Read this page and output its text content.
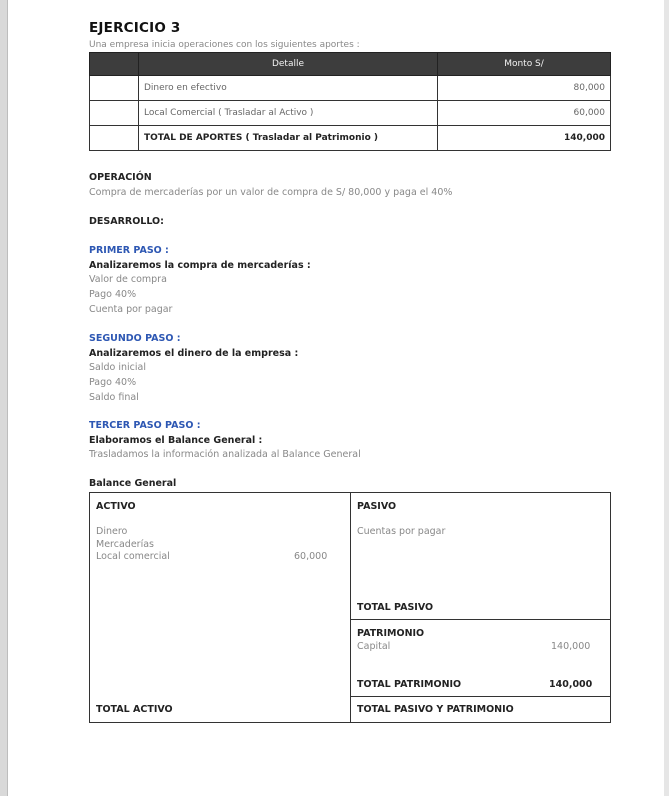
EJERCICIO 3
Una empresa inicia operaciones con los siguientes aportes :
	Detalle	Monto S/
	Dinero en efectivo	80,000
	Local Comercial ( Trasladar al Activo )	60,000
	TOTAL DE APORTES ( Trasladar al Patrimonio )	140,000
OPERACIÓN
Compra de mercaderías por un valor de compra de S/ 80,000 y paga el 40%
DESARROLLO:
PRIMER PASO :
Analizaremos la compra de mercaderías :
Valor de compra
Pago 40%
Cuenta por pagar
SEGUNDO PASO :
Analizaremos el dinero de la empresa :
Saldo inicial
Pago 40%
Saldo final
TERCER PASO PASO :
Elaboramos el Balance General :
Trasladamos la información analizada al Balance General
Balance General
ACTIVO
Dinero
Mercaderías
Local comercial	60,000
TOTAL ACTIVO
PASIVO
Cuentas por pagar
TOTAL PASIVO
PATRIMONIO
Capital	140,000
TOTAL PATRIMONIO	140,000
TOTAL PASIVO Y PATRIMONIO
